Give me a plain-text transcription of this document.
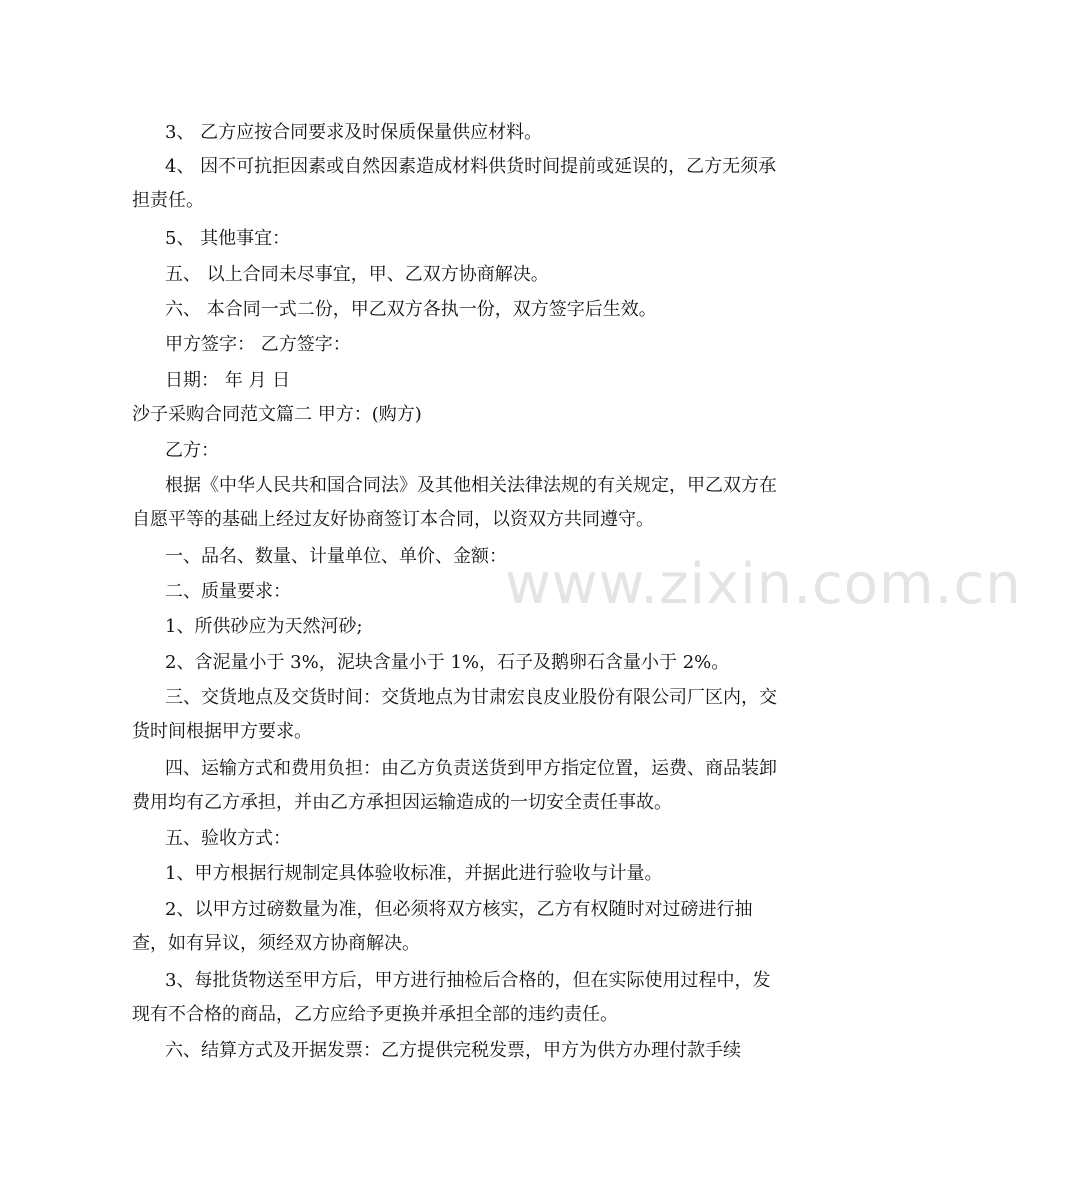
3、 乙方应按合同要求及时保质保量供应材料。
4、 因不可抗拒因素或自然因素造成材料供货时间提前或延误的，乙方无须承
担责任。
5、 其他事宜：
五、 以上合同未尽事宜，甲、乙双方协商解决。
六、 本合同一式二份，甲乙双方各执一份，双方签字后生效。
甲方签字： 乙方签字：
日期： 年 月 日
沙子采购合同范文篇二 甲方：(购方)
乙方：
根据《中华人民共和国合同法》及其他相关法律法规的有关规定，甲乙双方在
自愿平等的基础上经过友好协商签订本合同，以资双方共同遵守。
一、品名、数量、计量单位、单价、金额：
二、质量要求：
1、所供砂应为天然河砂;
2、含泥量小于 3%，泥块含量小于 1%，石子及鹅卵石含量小于 2%。
三、交货地点及交货时间：交货地点为甘肃宏良皮业股份有限公司厂区内，交
货时间根据甲方要求。
四、运输方式和费用负担：由乙方负责送货到甲方指定位置，运费、商品装卸
费用均有乙方承担，并由乙方承担因运输造成的一切安全责任事故。
五、验收方式：
1、甲方根据行规制定具体验收标准，并据此进行验收与计量。
2、以甲方过磅数量为准，但必须将双方核实，乙方有权随时对过磅进行抽
查，如有异议，须经双方协商解决。
3、每批货物送至甲方后，甲方进行抽检后合格的，但在实际使用过程中，发
现有不合格的商品，乙方应给予更换并承担全部的违约责任。
六、结算方式及开据发票：乙方提供完税发票，甲方为供方办理付款手续
www.zixin.com.cn
